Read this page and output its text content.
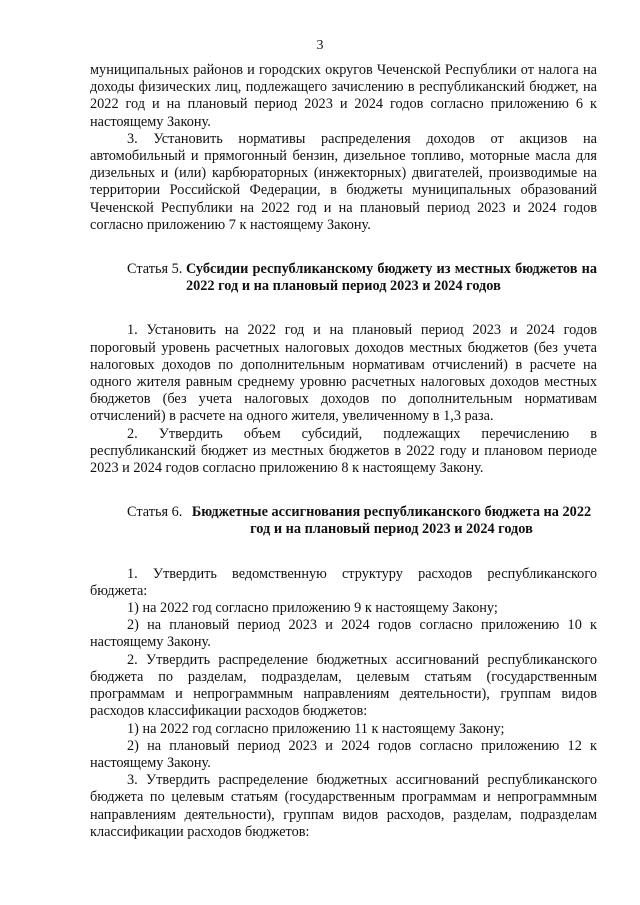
3

муниципальных районов и городских округов Чеченской Республики от налога на доходы физических лиц, подлежащего зачислению в республиканский бюджет, на 2022 год и на плановый период 2023 и 2024 годов согласно приложению 6 к настоящему Закону.

3. Установить нормативы распределения доходов от акцизов на автомобильный и прямогонный бензин, дизельное топливо, моторные масла для дизельных и (или) карбюраторных (инжекторных) двигателей, производимые на территории Российской Федерации, в бюджеты муниципальных образований Чеченской Республики на 2022 год и на плановый период 2023 и 2024 годов согласно приложению 7 к настоящему Закону.

Статья 5. Субсидии республиканскому бюджету из местных бюджетов на 2022 год и на плановый период 2023 и 2024 годов

1. Установить на 2022 год и на плановый период 2023 и 2024 годов пороговый уровень расчетных налоговых доходов местных бюджетов (без учета налоговых доходов по дополнительным нормативам отчислений) в расчете на одного жителя равным среднему уровню расчетных налоговых доходов местных бюджетов (без учета налоговых доходов по дополнительным нормативам отчислений) в расчете на одного жителя, увеличенному в 1,3 раза.

2. Утвердить объем субсидий, подлежащих перечислению в республиканский бюджет из местных бюджетов в 2022 году и плановом периоде 2023 и 2024 годов согласно приложению 8 к настоящему Закону.

Статья 6. Бюджетные ассигнования республиканского бюджета на 2022 год и на плановый период 2023 и 2024 годов

1. Утвердить ведомственную структуру расходов республиканского бюджета:

1) на 2022 год согласно приложению 9 к настоящему Закону;

2) на плановый период 2023 и 2024 годов согласно приложению 10 к настоящему Закону.

2. Утвердить распределение бюджетных ассигнований республиканского бюджета по разделам, подразделам, целевым статьям (государственным программам и непрограммным направлениям деятельности), группам видов расходов классификации расходов бюджетов:

1) на 2022 год согласно приложению 11 к настоящему Закону;

2) на плановый период 2023 и 2024 годов согласно приложению 12 к настоящему Закону.

3. Утвердить распределение бюджетных ассигнований республиканского бюджета по целевым статьям (государственным программам и непрограммным направлениям деятельности), группам видов расходов, разделам, подразделам классификации расходов бюджетов:
